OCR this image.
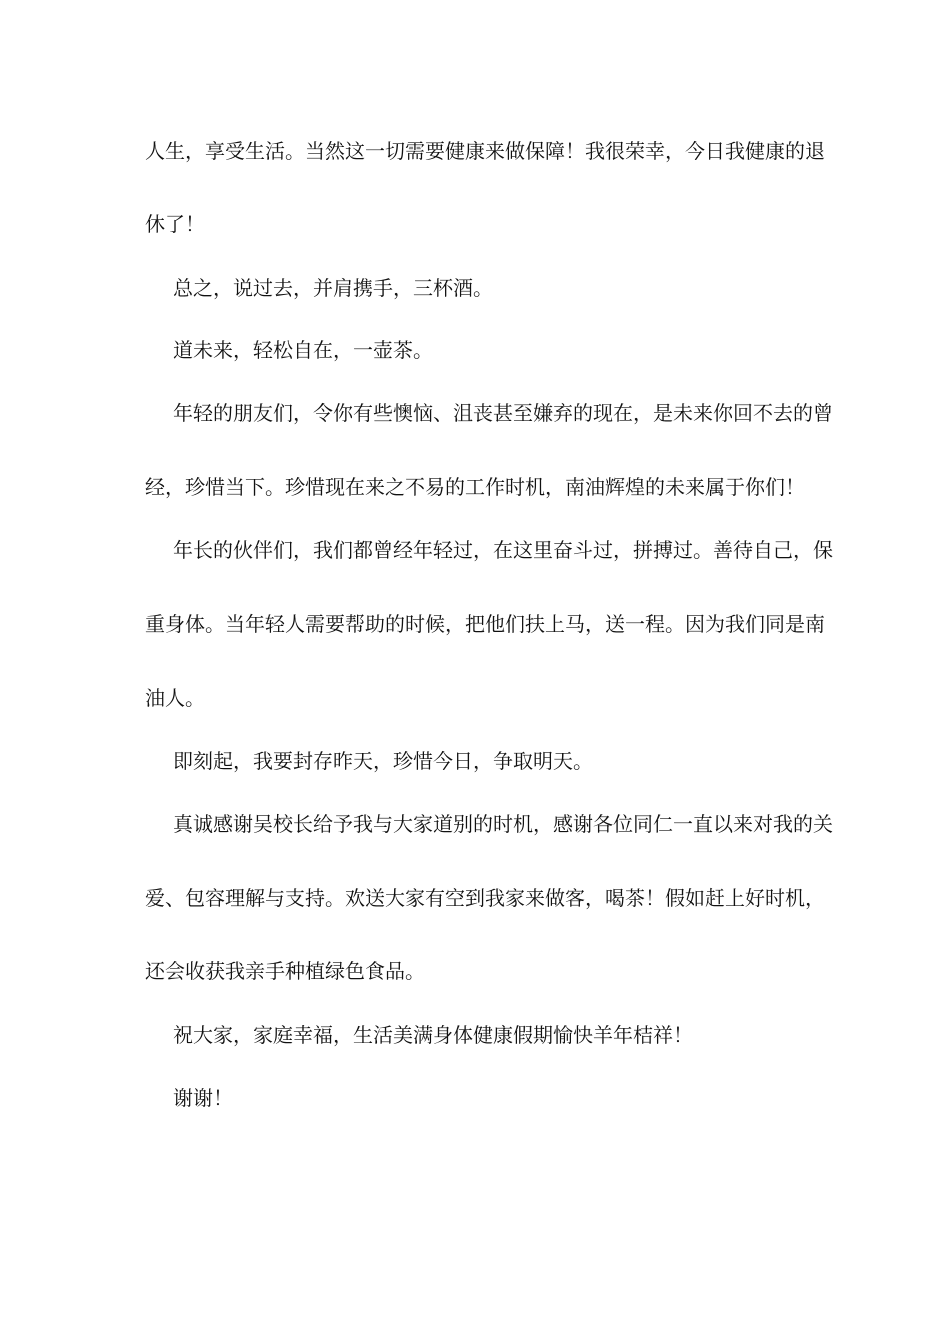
人生，享受生活。当然这一切需要健康来做保障！我很荣幸，今日我健康的退
休了！
总之，说过去，并肩携手，三杯酒。
道未来，轻松自在，一壶茶。
年轻的朋友们，令你有些懊恼、沮丧甚至嫌弃的现在，是未来你回不去的曾
经，珍惜当下。珍惜现在来之不易的工作时机，南油辉煌的未来属于你们！
年长的伙伴们，我们都曾经年轻过，在这里奋斗过，拼搏过。善待自己，保
重身体。当年轻人需要帮助的时候，把他们扶上马，送一程。因为我们同是南
油人。
即刻起，我要封存昨天，珍惜今日，争取明天。
真诚感谢吴校长给予我与大家道别的时机，感谢各位同仁一直以来对我的关
爱、包容理解与支持。欢送大家有空到我家来做客，喝茶！假如赶上好时机，
还会收获我亲手种植绿色食品。
祝大家，家庭幸福，生活美满身体健康假期愉快羊年桔祥！
谢谢！
